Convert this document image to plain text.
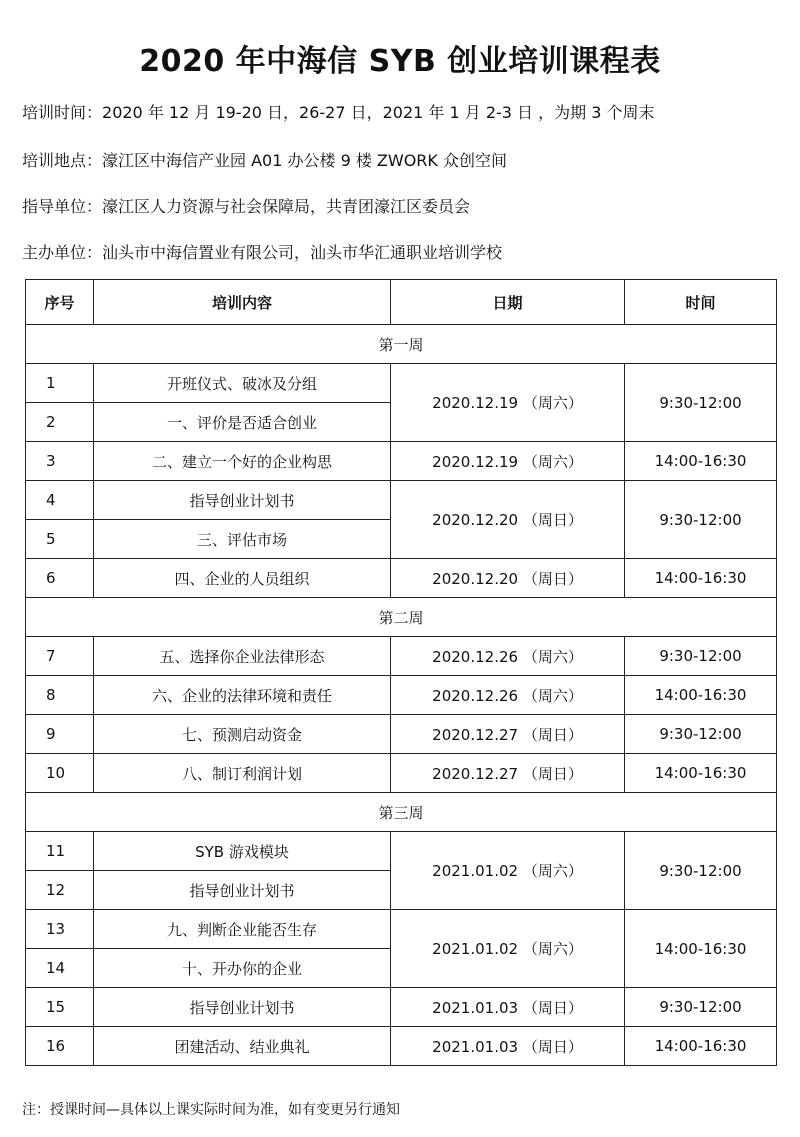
2020 年中海信 SYB 创业培训课程表
培训时间：2020 年 12 月 19-20 日，26-27 日，2021 年 1 月 2-3 日 ，为期 3 个周末
培训地点：濠江区中海信产业园 A01 办公楼 9 楼 ZWORK 众创空间
指导单位：濠江区人力资源与社会保障局，共青团濠江区委员会
主办单位：汕头市中海信置业有限公司，汕头市华汇通职业培训学校
序号	培训内容	日期	时间
第一周			
1	开班仪式、破冰及分组	2020.12.19 （周六）	9:30-12:00
2	一、评价是否适合创业		
3	二、建立一个好的企业构思	2020.12.19 （周六）	14:00-16:30
4	指导创业计划书	2020.12.20 （周日）	9:30-12:00
5	三、评估市场		
6	四、企业的人员组织	2020.12.20 （周日）	14:00-16:30
第二周			
7	五、选择你企业法律形态	2020.12.26 （周六）	9:30-12:00
8	六、企业的法律环境和责任	2020.12.26 （周六）	14:00-16:30
9	七、预测启动资金	2020.12.27 （周日）	9:30-12:00
10	八、制订利润计划	2020.12.27 （周日）	14:00-16:30
第三周			
11	SYB 游戏模块	2021.01.02 （周六）	9:30-12:00
12	指导创业计划书		
13	九、判断企业能否生存	2021.01.02 （周六）	14:00-16:30
14	十、开办你的企业		
15	指导创业计划书	2021.01.03 （周日）	9:30-12:00
16	团建活动、结业典礼	2021.01.03 （周日）	14:00-16:30
注：授课时间—具体以上课实际时间为准，如有变更另行通知
